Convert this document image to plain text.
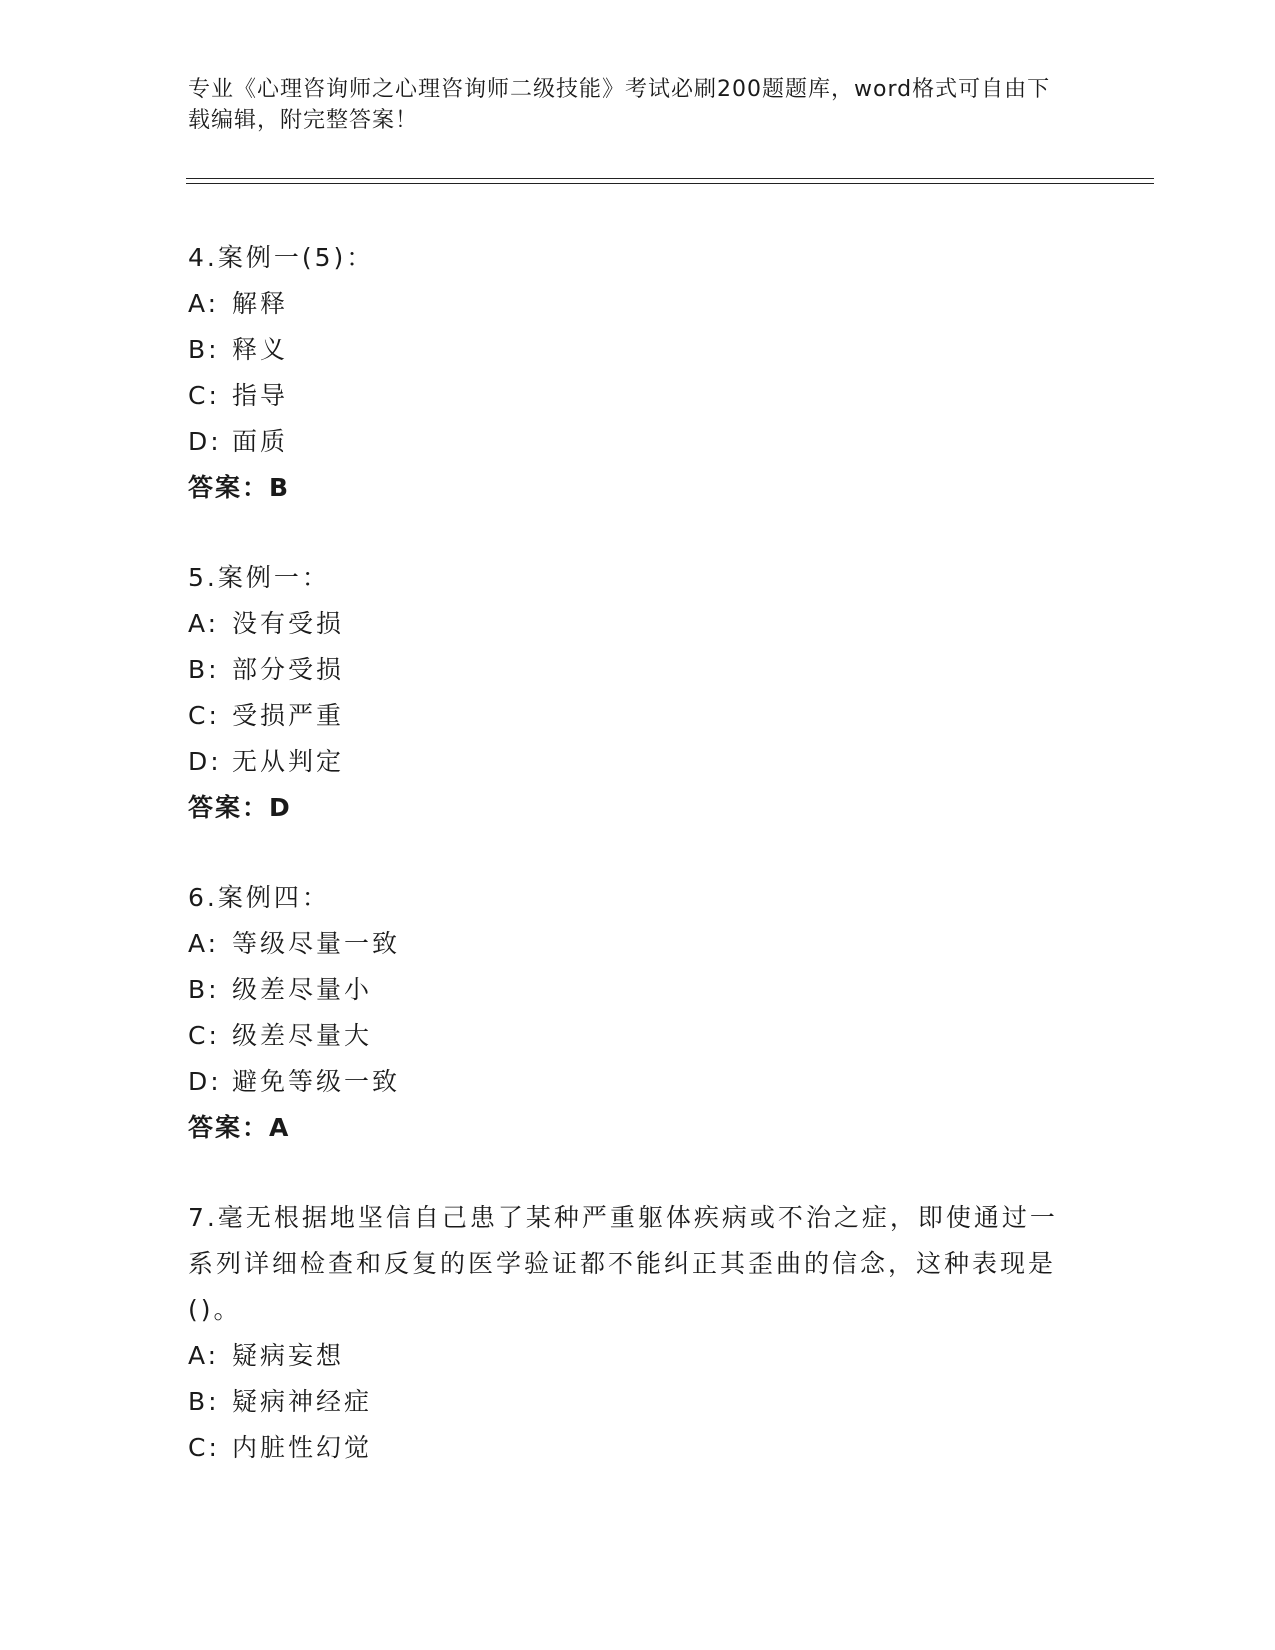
专业《心理咨询师之心理咨询师二级技能》考试必刷200题题库，word格式可自由下载编辑，附完整答案！

4.案例一(5)：

A: 解释

B: 释义

C: 指导

D: 面质

答案：B

5.案例一：

A: 没有受损

B: 部分受损

C: 受损严重

D: 无从判定

答案：D

6.案例四：

A: 等级尽量一致

B: 级差尽量小

C: 级差尽量大

D: 避免等级一致

答案：A

7.毫无根据地坚信自己患了某种严重躯体疾病或不治之症，即使通过一系列详细检查和反复的医学验证都不能纠正其歪曲的信念，这种表现是()。

A: 疑病妄想

B: 疑病神经症

C: 内脏性幻觉
